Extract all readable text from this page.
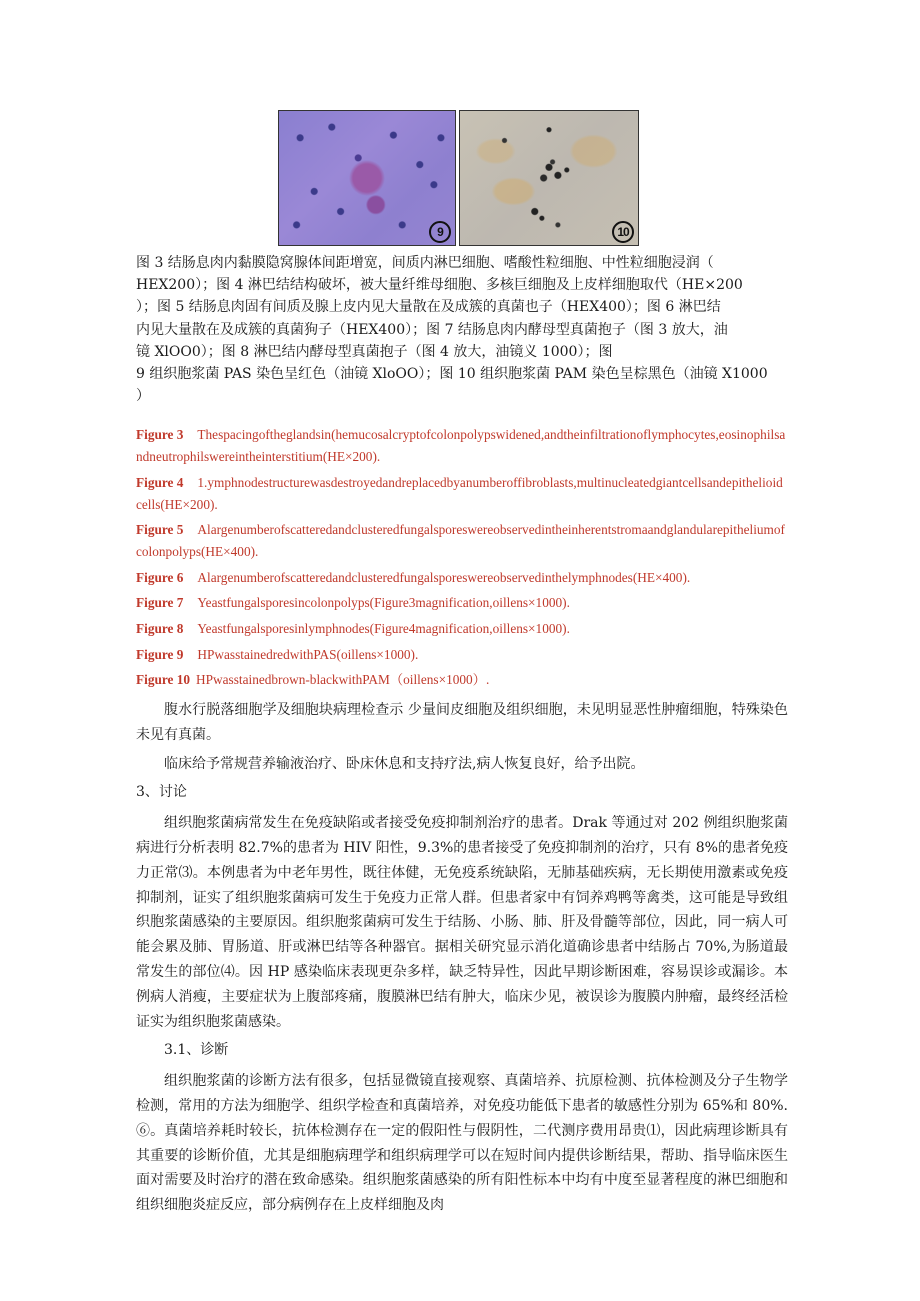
9	10
图 3 结肠息肉内黏膜隐窝腺体间距增宽，间质内淋巴细胞、嗜酸性粒细胞、中性粒细胞浸润（
HEX200）；图 4 淋巴结结构破坏，被大量纤维母细胞、多核巨细胞及上皮样细胞取代（HE×200
）；图 5 结肠息肉固有间质及腺上皮内见大量散在及成簇的真菌也子（HEX400）；图 6 淋巴结
内见大量散在及成簇的真菌狗子（HEX400）；图 7 结肠息肉内酵母型真菌抱子（图 3 放大，油
镜 XlOO0）；图 8 淋巴结内酵母型真菌抱子（图 4 放大，油镜义 1000）；图
9 组织胞浆菌 PAS 染色呈红色（油镜 XloOO）；图 10 组织胞浆菌 PAM 染色呈棕黑色（油镜 X1000
）
Figure 3 Thespacingoftheglandsin(hemucosalcryptofcolonpolypswidened,andtheinfiltrationoflymphocytes,eosinophilsandneutrophilswereintheinterstitium(HE×200).
Figure 4 1.ymphnodestructurewasdestroyedandreplacedbyanumberoffibroblasts,multinucleatedgiantcellsandepithelioidcells(HE×200).
Figure 5 Alargenumberofscatteredandclusteredfungalsporeswereobservedintheinherentstromaandglandularepitheliumofcolonpolyps(HE×400).
Figure 6 Alargenumberofscatteredandclusteredfungalsporeswereobservedinthelymphnodes(HE×400).
Figure 7 Yeastfungalsporesincolonpolyps(Figure3magnification,oillens×1000).
Figure 8 Yeastfungalsporesinlymphnodes(Figure4magnification,oillens×1000).
Figure 9 HPwasstainedredwithPAS(oillens×1000).
Figure 10 HPwasstainedbrown-blackwithPAM（oillens×1000）.

腹水行脱落细胞学及细胞块病理检查示 少量间皮细胞及组织细胞，未见明显恶性肿瘤细胞，特殊染色未见有真菌。

临床给予常规营养输液治疗、卧床休息和支持疗法,病人恢复良好，给予出院。

3、讨论

组织胞浆菌病常发生在免疫缺陷或者接受免疫抑制剂治疗的患者。Drak 等通过对 202 例组织胞浆菌病进行分析表明 82.7%的患者为 HIV 阳性，9.3%的患者接受了免疫抑制剂的治疗，只有 8%的患者免疫力正常⑶。本例患者为中老年男性，既往体健，无免疫系统缺陷，无肺基础疾病，无长期使用激素或免疫抑制剂，证实了组织胞浆菌病可发生于免疫力正常人群。但患者家中有饲养鸡鸭等禽类，这可能是导致组织胞浆菌感染的主要原因。组织胞浆菌病可发生于结肠、小肠、肺、肝及骨髓等部位，因此，同一病人可能会累及肺、胃肠道、肝或淋巴结等各种器官。据相关研究显示消化道确诊患者中结肠占 70%,为肠道最常发生的部位⑷。因 HP 感染临床表现更杂多样，缺乏特异性，因此早期诊断困难，容易误诊或漏诊。本例病人消瘦，主要症状为上腹部疼痛，腹膜淋巴结有肿大，临床少见，被误诊为腹膜内肿瘤，最终经活检证实为组织胞浆菌感染。

3.1、诊断

组织胞浆菌的诊断方法有很多，包括显微镜直接观察、真菌培养、抗原检测、抗体检测及分子生物学检测，常用的方法为细胞学、组织学检查和真菌培养，对免疫功能低下患者的敏感性分别为 65%和 80%. ⑥。真菌培养耗时较长，抗体检测存在一定的假阳性与假阴性，二代测序费用昂贵⑴，因此病理诊断具有其重要的诊断价值，尤其是细胞病理学和组织病理学可以在短时间内提供诊断结果，帮助、指导临床医生面对需要及时治疗的潜在致命感染。组织胞浆菌感染的所有阳性标本中均有中度至显著程度的淋巴细胞和组织细胞炎症反应，部分病例存在上皮样细胞及肉
